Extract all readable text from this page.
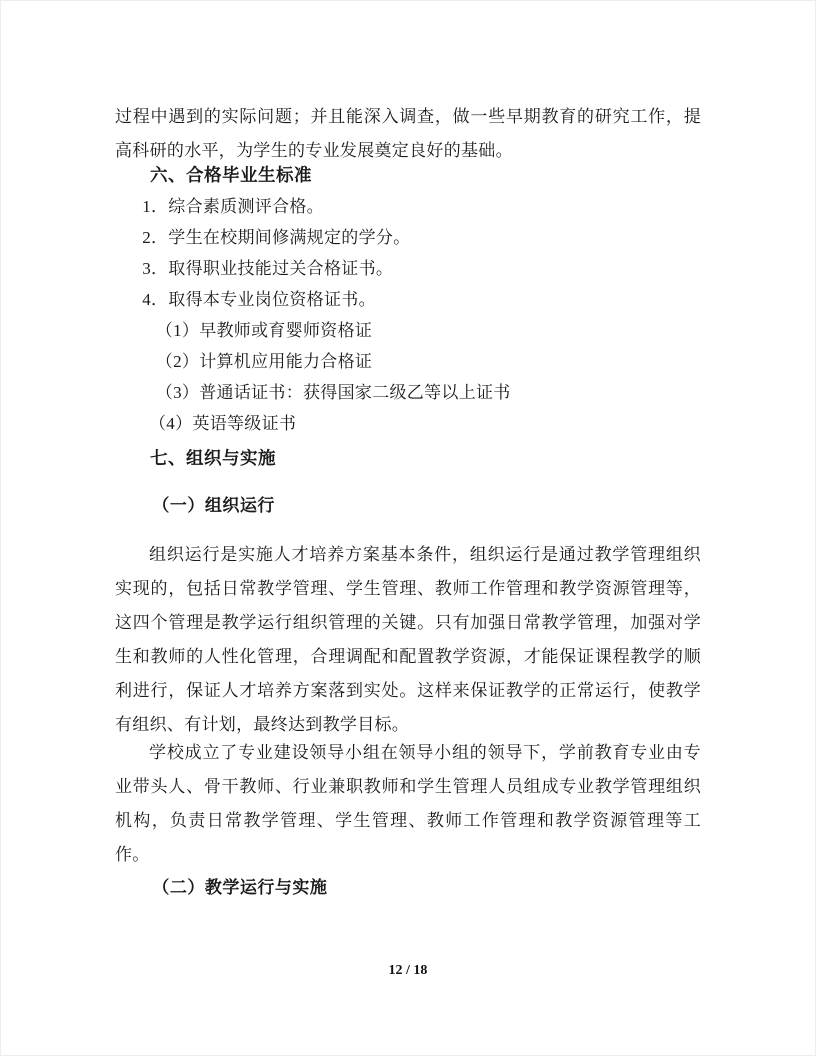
过程中遇到的实际问题；并且能深入调查，做一些早期教育的研究工作，提高科研的水平，为学生的专业发展奠定良好的基础。

六、合格毕业生标准

1．综合素质测评合格。

2．学生在校期间修满规定的学分。

3．取得职业技能过关合格证书。

4．取得本专业岗位资格证书。

（1）早教师或育婴师资格证

（2）计算机应用能力合格证

（3）普通话证书：获得国家二级乙等以上证书

（4）英语等级证书

七、组织与实施
（一）组织运行

组织运行是实施人才培养方案基本条件，组织运行是通过教学管理组织实现的，包括日常教学管理、学生管理、教师工作管理和教学资源管理等，这四个管理是教学运行组织管理的关键。只有加强日常教学管理，加强对学生和教师的人性化管理，合理调配和配置教学资源，才能保证课程教学的顺利进行，保证人才培养方案落到实处。这样来保证教学的正常运行，使教学有组织、有计划，最终达到教学目标。

学校成立了专业建设领导小组在领导小组的领导下，学前教育专业由专业带头人、骨干教师、行业兼职教师和学生管理人员组成专业教学管理组织机构，负责日常教学管理、学生管理、教师工作管理和教学资源管理等工作。

（二）教学运行与实施
12 / 18
